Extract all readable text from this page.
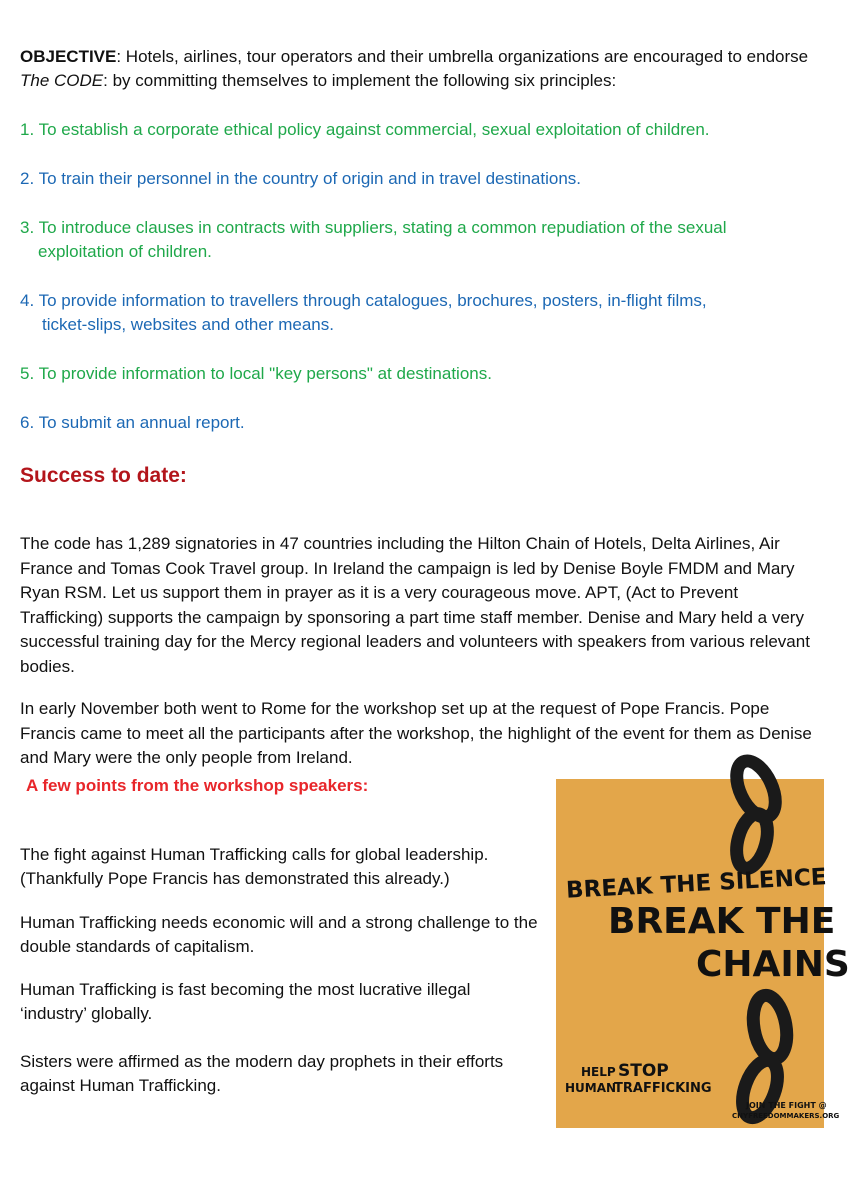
OBJECTIVE: Hotels, airlines, tour operators and their umbrella organizations are encouraged to endorse The CODE: by committing themselves to implement the following six principles:

1. To establish a corporate ethical policy against commercial, sexual exploitation of children.
2. To train their personnel in the country of origin and in travel destinations.
3. To introduce clauses in contracts with suppliers, stating a common repudiation of the sexual
exploitation of children.
4. To provide information to travellers through catalogues, brochures, posters, in-flight films,
ticket-slips, websites and other means.
5. To provide information to local "key persons" at destinations.
6. To submit an annual report.
Success to date:

The code has 1,289 signatories in 47 countries including the Hilton Chain of Hotels, Delta Airlines, Air France and Tomas Cook Travel group. In Ireland the campaign is led by Denise Boyle FMDM and Mary Ryan RSM. Let us support them in prayer as it is a very courageous move. APT, (Act to Prevent Trafficking) supports the campaign by sponsoring a part time staff member. Denise and Mary held a very successful training day for the Mercy regional leaders and volunteers with speakers from various relevant bodies.

In early November both went to Rome for the workshop set up at the request of Pope Francis. Pope Francis came to meet all the participants after the workshop, the highlight of the event for them as Denise and Mary were the only people from Ireland.

A few points from the workshop speakers:

The fight against Human Trafficking calls for global leadership. (Thankfully Pope Francis has demonstrated this already.)

Human Trafficking needs economic will and a strong challenge to the double standards of capitalism.

Human Trafficking is fast becoming the most lucrative illegal ‘industry’ globally.

Sisters were affirmed as the modern day prophets in their efforts against Human Trafficking.

BREAK THE SILENCE
BREAK THE
CHAINS
HELP STOP
HUMAN
TRAFFICKING
JOIN THE FIGHT @
CNYFREEDOMMAKERS.ORG
